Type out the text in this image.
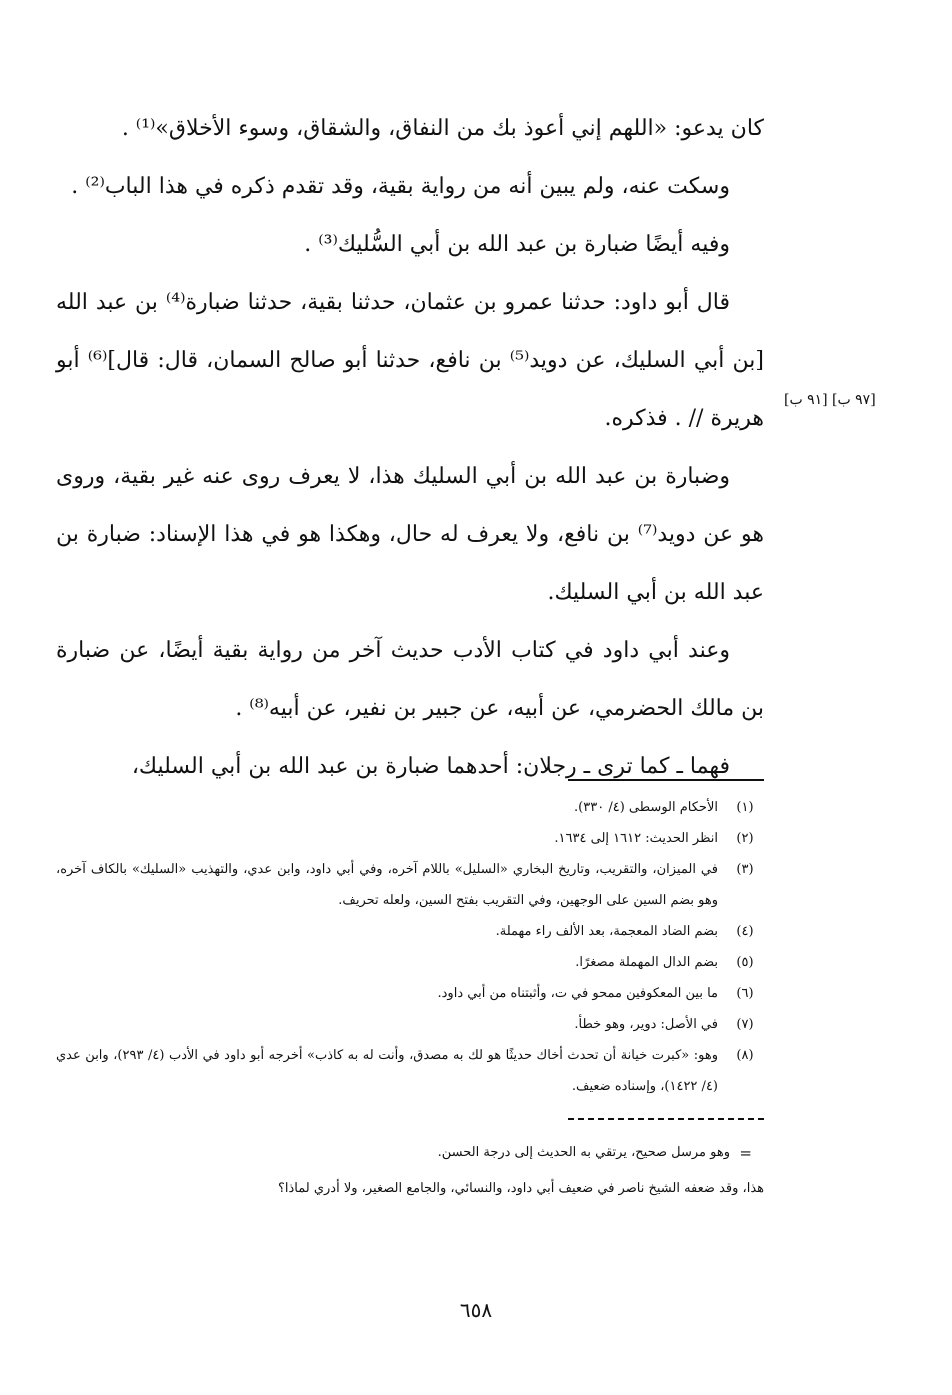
كان يدعو: «اللهم إني أعوذ بك من النفاق، والشقاق، وسوء الأخلاق»⁽¹⁾ .

وسكت عنه، ولم يبين أنه من رواية بقية، وقد تقدم ذكره في هذا الباب⁽²⁾ .

وفيه أيضًا ضبارة بن عبد الله بن أبي السُّليك⁽³⁾ .

قال أبو داود: حدثنا عمرو بن عثمان، حدثنا بقية، حدثنا ضبارة⁽⁴⁾ بن عبد الله [بن أبي السليك، عن دويد⁽⁵⁾ بن نافع، حدثنا أبو صالح السمان، قال: قال]⁽⁶⁾ أبو هريرة // . فذكره.

وضبارة بن عبد الله بن أبي السليك هذا، لا يعرف روى عنه غير بقية، وروى هو عن دويد⁽⁷⁾ بن نافع، ولا يعرف له حال، وهكذا هو في هذا الإسناد: ضبارة بن عبد الله بن أبي السليك.

وعند أبي داود في كتاب الأدب حديث آخر من رواية بقية أيضًا، عن ضبارة بن مالك الحضرمي، عن أبيه، عن جبير بن نفير، عن أبيه⁽⁸⁾ .

فهما ـ كما ترى ـ رجلان: أحدهما ضبارة بن عبد الله بن أبي السليك،

[٩٧ ب] [٩١ ب]
(١)
الأحكام الوسطى (٤/ ٣٣٠).
(٢)
انظر الحديث: ١٦١٢ إلى ١٦٣٤.
(٣)
في الميزان، والتقريب، وتاريخ البخاري «السليل» باللام آخره، وفي أبي داود، وابن عدي، والتهذيب «السليك» بالكاف آخره، وهو بضم السين على الوجهين، وفي التقريب بفتح السين، ولعله تحريف.
(٤)
بضم الضاد المعجمة، بعد الألف راء مهملة.
(٥)
بضم الدال المهملة مصغرًا.
(٦)
ما بين المعكوفين ممحو في ت، وأثبتناه من أبي داود.
(٧)
في الأصل: دوير، وهو خطأ.
(٨)
وهو: «كبرت خيانة أن تحدث أخاك حديثًا هو لك به مصدق، وأنت له به كاذب» أخرجه أبو داود في الأدب (٤/ ٢٩٣)، وابن عدي (٤/ ١٤٢٢)، وإسناده ضعيف.
=

وهو مرسل صحيح، يرتقي به الحديث إلى درجة الحسن.

هذا، وقد ضعفه الشيخ ناصر في ضعيف أبي داود، والنسائي، والجامع الصغير، ولا أدري لماذا؟

٦٥٨
